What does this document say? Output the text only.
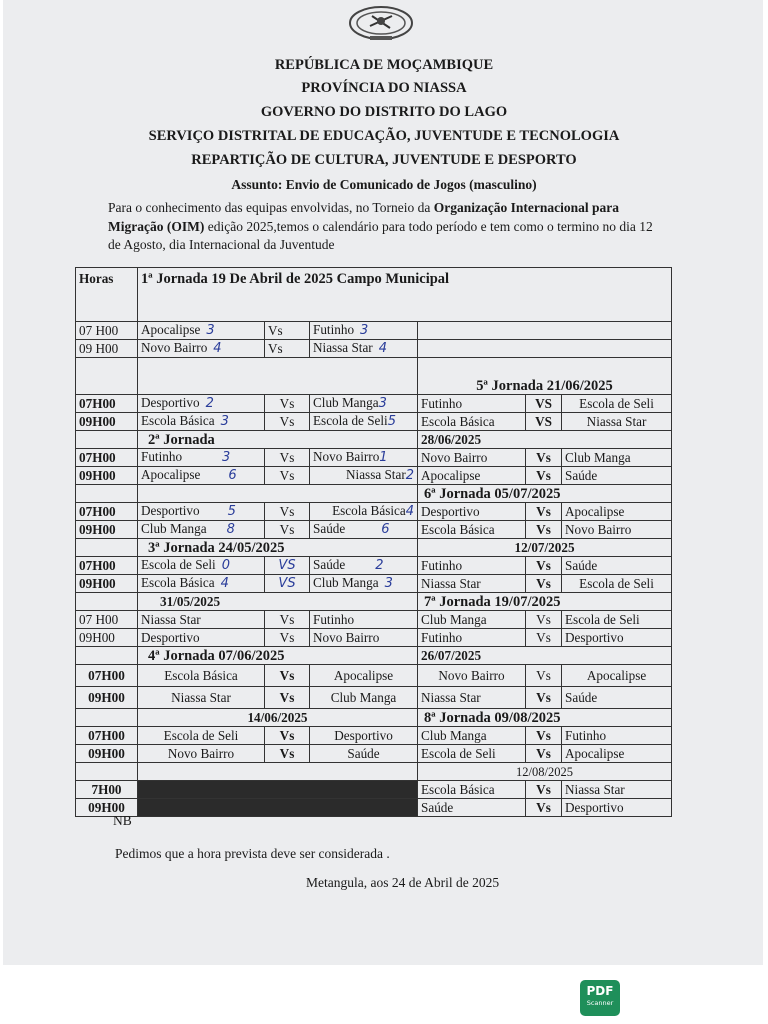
REPÚBLICA DE MOÇAMBIQUE
PROVÍNCIA DO NIASSA
GOVERNO DO DISTRITO DO LAGO
SERVIÇO DISTRITAL DE EDUCAÇÃO, JUVENTUDE E TECNOLOGIA
REPARTIÇÃO DE CULTURA, JUVENTUDE E DESPORTO
Assunto: Envio de Comunicado de Jogos (masculino)
Para o conhecimento das equipas envolvidas, no Torneio da Organização Internacional para Migração (OIM) edição 2025,temos o calendário para todo período e tem como o termino no dia 12 de Agosto, dia Internacional da Juventude
Horas	1ª Jornada 19 De Abril de 2025 Campo Municipal					
07 H00	Apocalipse 3	Vs	Futinho 3			
09 H00	Novo Bairro 4	Vs	Niassa Star 4			
				5ª Jornada 21/06/2025		
07H00	Desportivo 2	Vs	Club Manga3	Futinho	VS	Escola de Seli
09H00	Escola Básica 3	Vs	Escola de Seli5	Escola Básica	VS	Niassa Star
	2ª Jornada			28/06/2025		
07H00	Futinho 3	Vs	Novo Bairro1	Novo Bairro	Vs	Club Manga
09H00	Apocalipse 6	Vs	Niassa Star2	Apocalipse	Vs	Saúde
				6ª Jornada 05/07/2025		
07H00	Desportivo 5	Vs	Escola Básica4	Desportivo	Vs	Apocalipse
09H00	Club Manga 8	Vs	Saúde 6	Escola Básica	Vs	Novo Bairro
	3ª Jornada 24/05/2025			12/07/2025		
07H00	Escola de Seli 0	VS	Saúde 2	Futinho	Vs	Saúde
09H00	Escola Básica 4	VS	Club Manga 3	Niassa Star	Vs	Escola de Seli
	31/05/2025			7ª Jornada 19/07/2025		
07 H00	Niassa Star	Vs	Futinho	Club Manga	Vs	Escola de Seli
09H00	Desportivo	Vs	Novo Bairro	Futinho	Vs	Desportivo
	4ª Jornada 07/06/2025			26/07/2025		
07H00	Escola Básica	Vs	Apocalipse	Novo Bairro	Vs	Apocalipse
09H00	Niassa Star	Vs	Club Manga	Niassa Star	Vs	Saúde
	14/06/2025			8ª Jornada 09/08/2025		
07H00	Escola de Seli	Vs	Desportivo	Club Manga	Vs	Futinho
09H00	Novo Bairro	Vs	Saúde	Escola de Seli	Vs	Apocalipse
				12/08/2025		
7H00				Escola Básica	Vs	Niassa Star
09H00				Saúde	Vs	Desportivo
NB
Pedimos que a hora prevista deve ser considerada .
Metangula, aos 24 de Abril de 2025
PDF
Scanner
